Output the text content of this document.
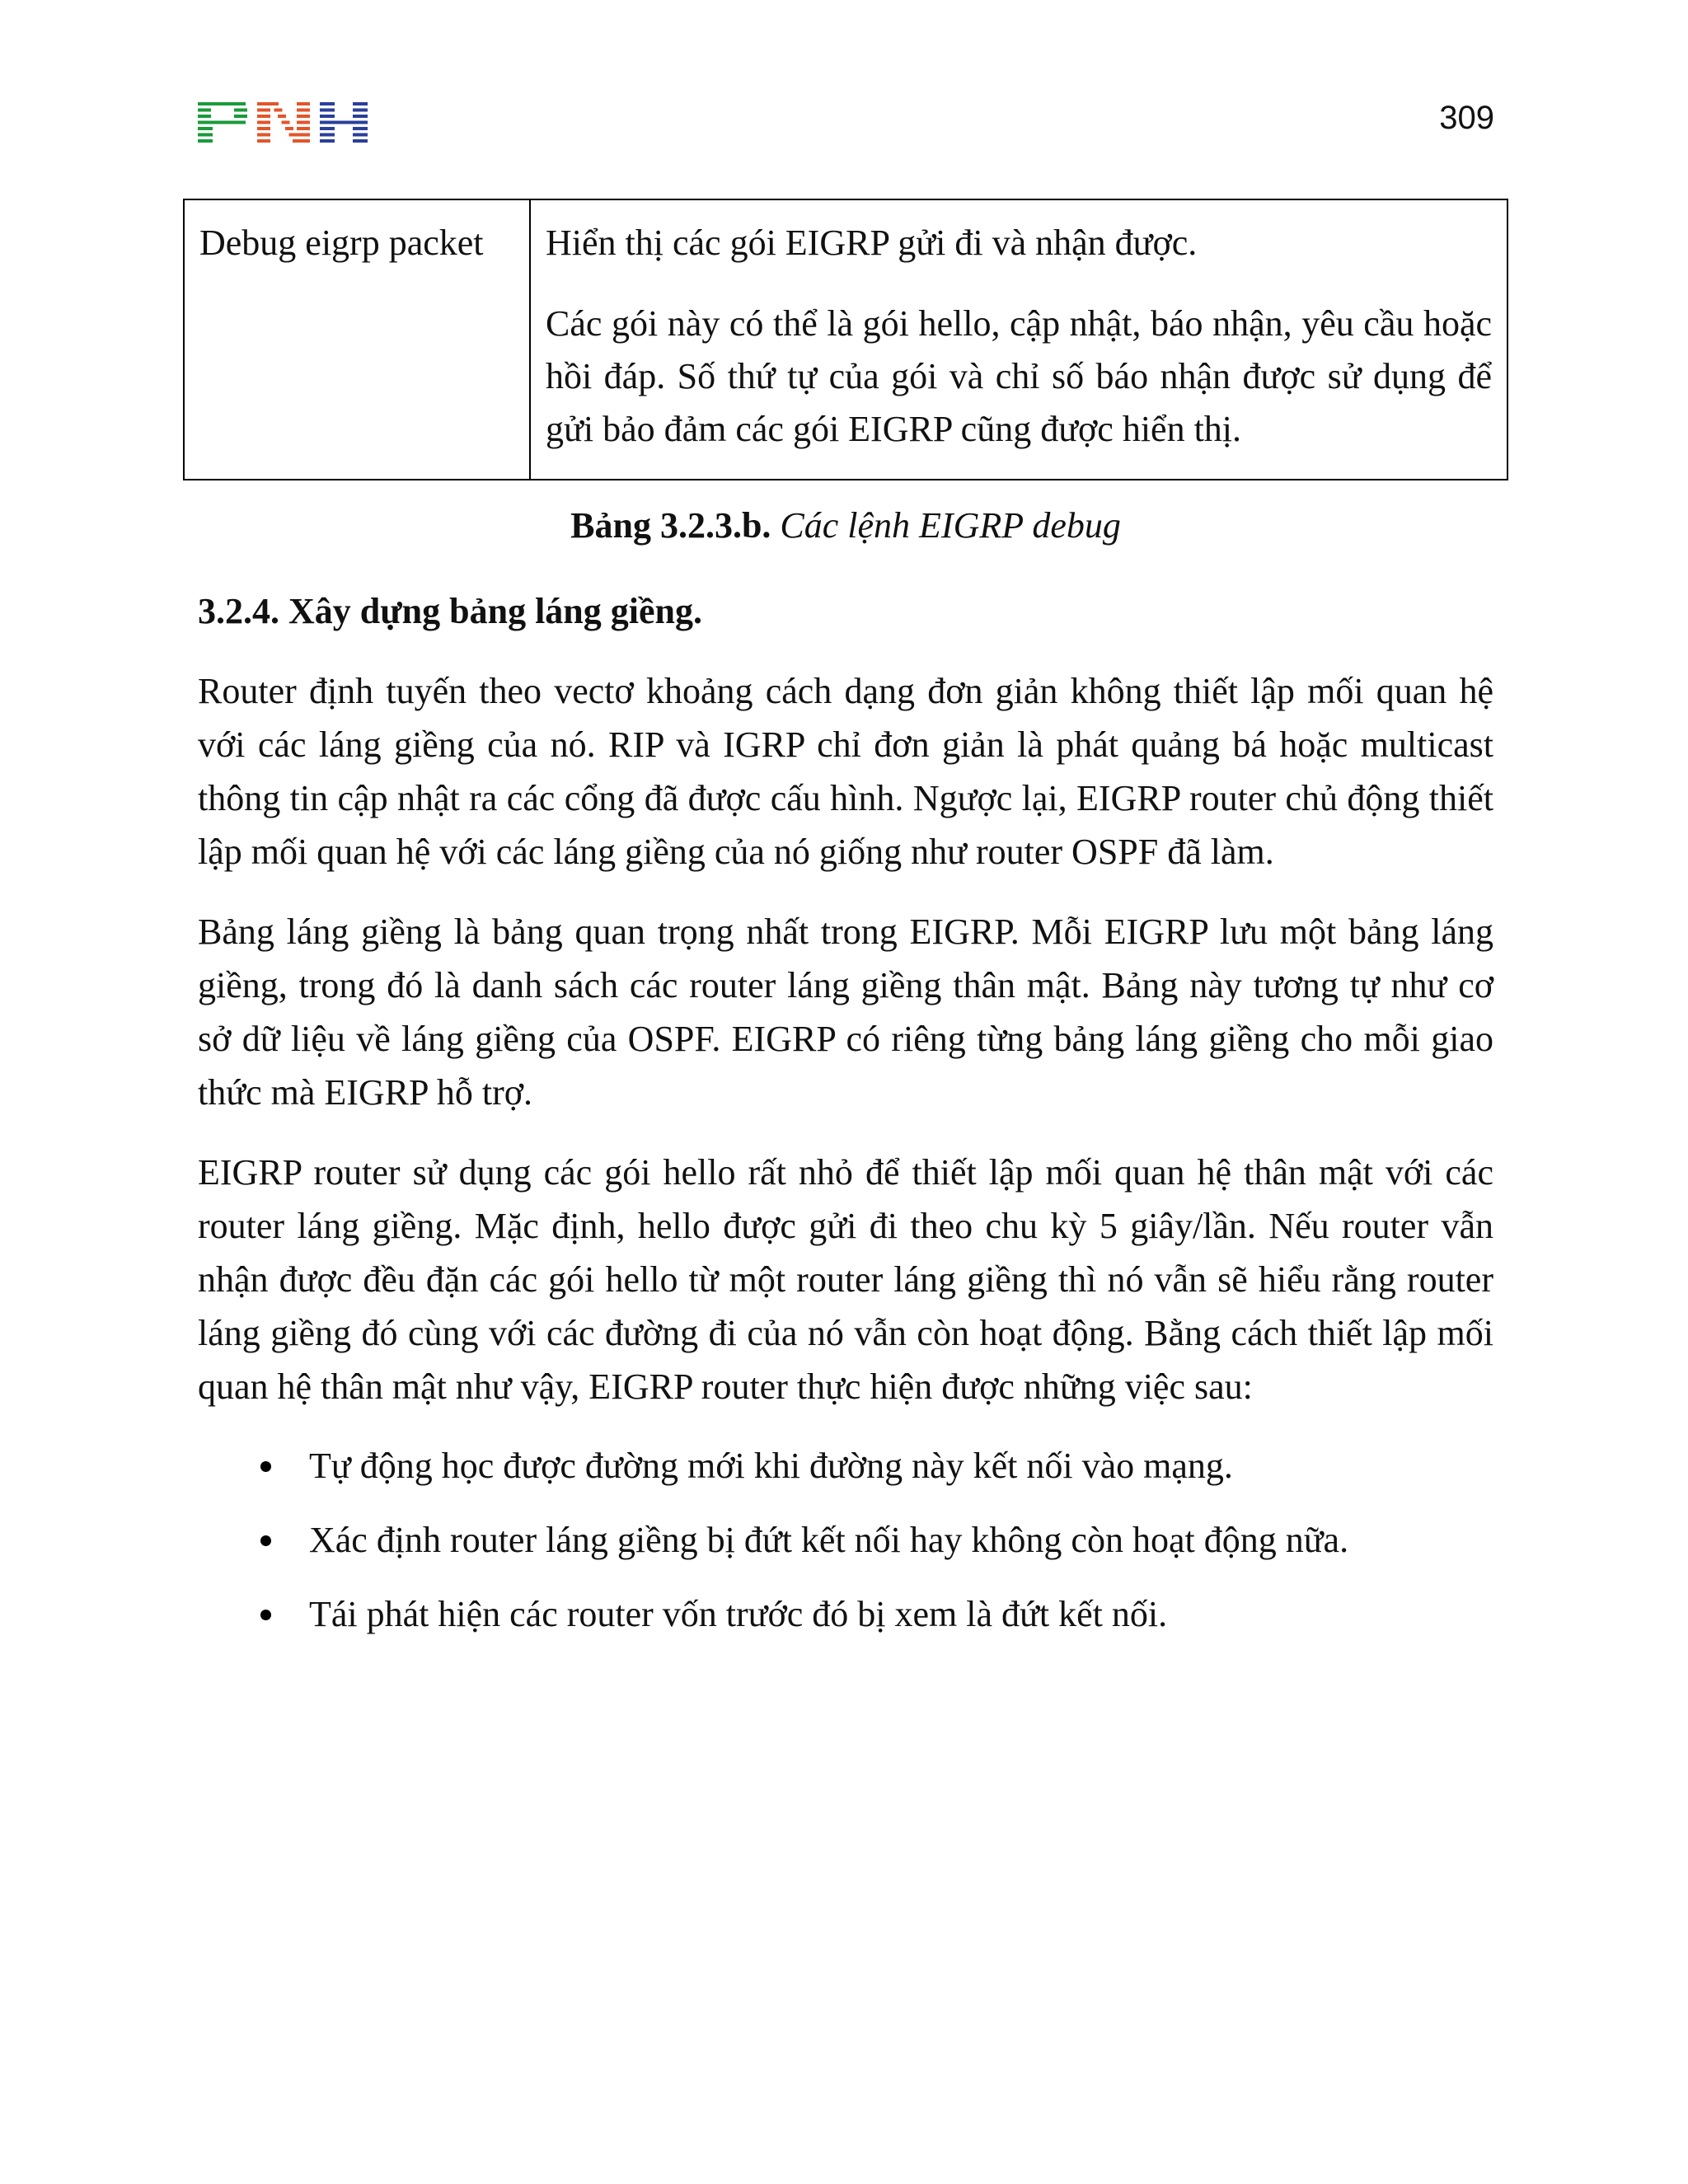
309
Debug eigrp packet	Hiển thị các gói EIGRP gửi đi và nhận được.

Các gói này có thể là gói hello, cập nhật, báo nhận, yêu cầu hoặc hồi đáp. Số thứ tự của gói và chỉ số báo nhận được sử dụng để gửi bảo đảm các gói EIGRP cũng được hiển thị.

Bảng 3.2.3.b. Các lệnh EIGRP debug
3.2.4. Xây dựng bảng láng giềng.

Router định tuyến theo vectơ khoảng cách dạng đơn giản không thiết lập mối quan hệ với các láng giềng của nó. RIP và IGRP chỉ đơn giản là phát quảng bá hoặc multicast thông tin cập nhật ra các cổng đã được cấu hình. Ngược lại, EIGRP router chủ động thiết lập mối quan hệ với các láng giềng của nó giống như router OSPF đã làm.

Bảng láng giềng là bảng quan trọng nhất trong EIGRP. Mỗi EIGRP lưu một bảng láng giềng, trong đó là danh sách các router láng giềng thân mật. Bảng này tương tự như cơ sở dữ liệu về láng giềng của OSPF. EIGRP có riêng từng bảng láng giềng cho mỗi giao thức mà EIGRP hỗ trợ.

EIGRP router sử dụng các gói hello rất nhỏ để thiết lập mối quan hệ thân mật với các router láng giềng. Mặc định, hello được gửi đi theo chu kỳ 5 giây/lần. Nếu router vẫn nhận được đều đặn các gói hello từ một router láng giềng thì nó vẫn sẽ hiểu rằng router láng giềng đó cùng với các đường đi của nó vẫn còn hoạt động. Bằng cách thiết lập mối quan hệ thân mật như vậy, EIGRP router thực hiện được những việc sau:

Tự động học được đường mới khi đường này kết nối vào mạng.
Xác định router láng giềng bị đứt kết nối hay không còn hoạt động nữa.
Tái phát hiện các router vốn trước đó bị xem là đứt kết nối.
